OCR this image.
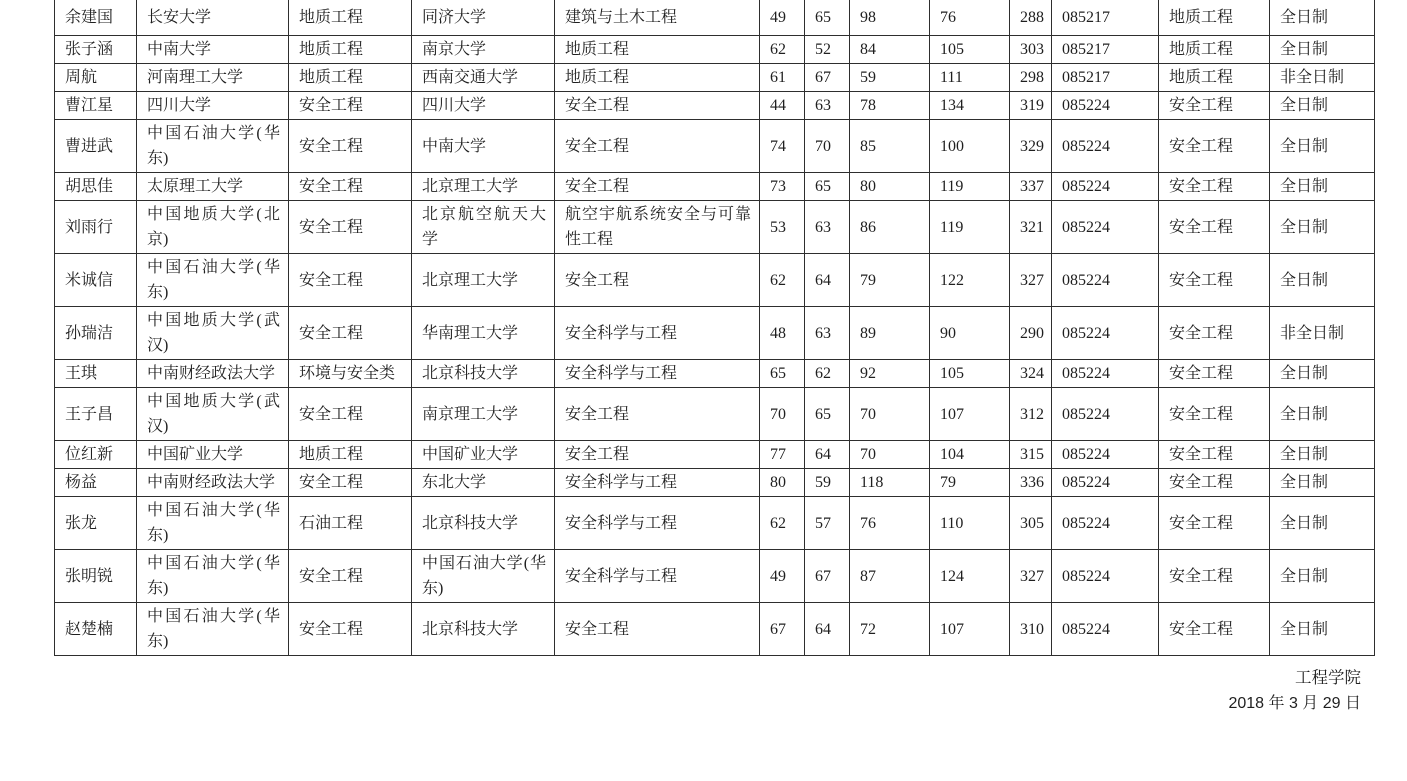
余建国	长安大学	地质工程	同济大学	建筑与土木工程	49	65	98	76	288	085217	地质工程	全日制
张子涵	中南大学	地质工程	南京大学	地质工程	62	52	84	105	303	085217	地质工程	全日制
周航	河南理工大学	地质工程	西南交通大学	地质工程	61	67	59	111	298	085217	地质工程	非全日制
曹江星	四川大学	安全工程	四川大学	安全工程	44	63	78	134	319	085224	安全工程	全日制
曹进武	中国石油大学(华东)	安全工程	中南大学	安全工程	74	70	85	100	329	085224	安全工程	全日制
胡思佳	太原理工大学	安全工程	北京理工大学	安全工程	73	65	80	119	337	085224	安全工程	全日制
刘雨行	中国地质大学(北京)	安全工程	北京航空航天大学	航空宇航系统安全与可靠性工程	53	63	86	119	321	085224	安全工程	全日制
米诚信	中国石油大学(华东)	安全工程	北京理工大学	安全工程	62	64	79	122	327	085224	安全工程	全日制
孙瑞洁	中国地质大学(武汉)	安全工程	华南理工大学	安全科学与工程	48	63	89	90	290	085224	安全工程	非全日制
王琪	中南财经政法大学	环境与安全类	北京科技大学	安全科学与工程	65	62	92	105	324	085224	安全工程	全日制
王子昌	中国地质大学(武汉)	安全工程	南京理工大学	安全工程	70	65	70	107	312	085224	安全工程	全日制
位红新	中国矿业大学	地质工程	中国矿业大学	安全工程	77	64	70	104	315	085224	安全工程	全日制
杨益	中南财经政法大学	安全工程	东北大学	安全科学与工程	80	59	118	79	336	085224	安全工程	全日制
张龙	中国石油大学(华东)	石油工程	北京科技大学	安全科学与工程	62	57	76	110	305	085224	安全工程	全日制
张明锐	中国石油大学(华东)	安全工程	中国石油大学(华东)	安全科学与工程	49	67	87	124	327	085224	安全工程	全日制
赵楚楠	中国石油大学(华东)	安全工程	北京科技大学	安全工程	67	64	72	107	310	085224	安全工程	全日制
工程学院
2018 年 3 月 29 日
